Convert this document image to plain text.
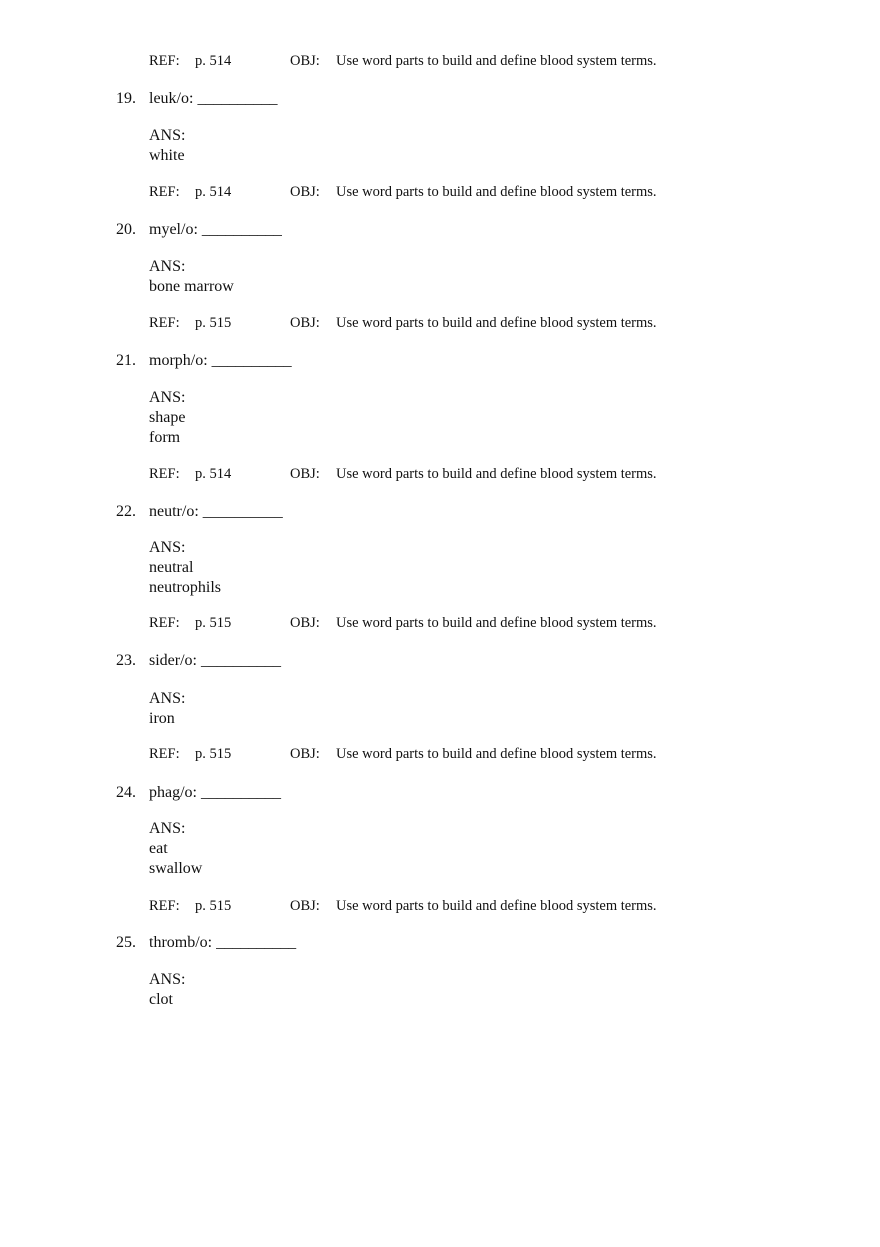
REF: p. 514	OBJ: Use word parts to build and define blood system terms.
19. leuk/o: __________
ANS:
white
REF: p. 514	OBJ: Use word parts to build and define blood system terms.
20. myel/o: __________
ANS:
bone marrow
REF: p. 515	OBJ: Use word parts to build and define blood system terms.
21. morph/o: __________
ANS:
shape
form
REF: p. 514	OBJ: Use word parts to build and define blood system terms.
22. neutr/o: __________
ANS:
neutral
neutrophils
REF: p. 515	OBJ: Use word parts to build and define blood system terms.
23. sider/o: __________
ANS:
iron
REF: p. 515	OBJ: Use word parts to build and define blood system terms.
24. phag/o: __________
ANS:
eat
swallow
REF: p. 515	OBJ: Use word parts to build and define blood system terms.
25. thromb/o: __________
ANS:
clot
